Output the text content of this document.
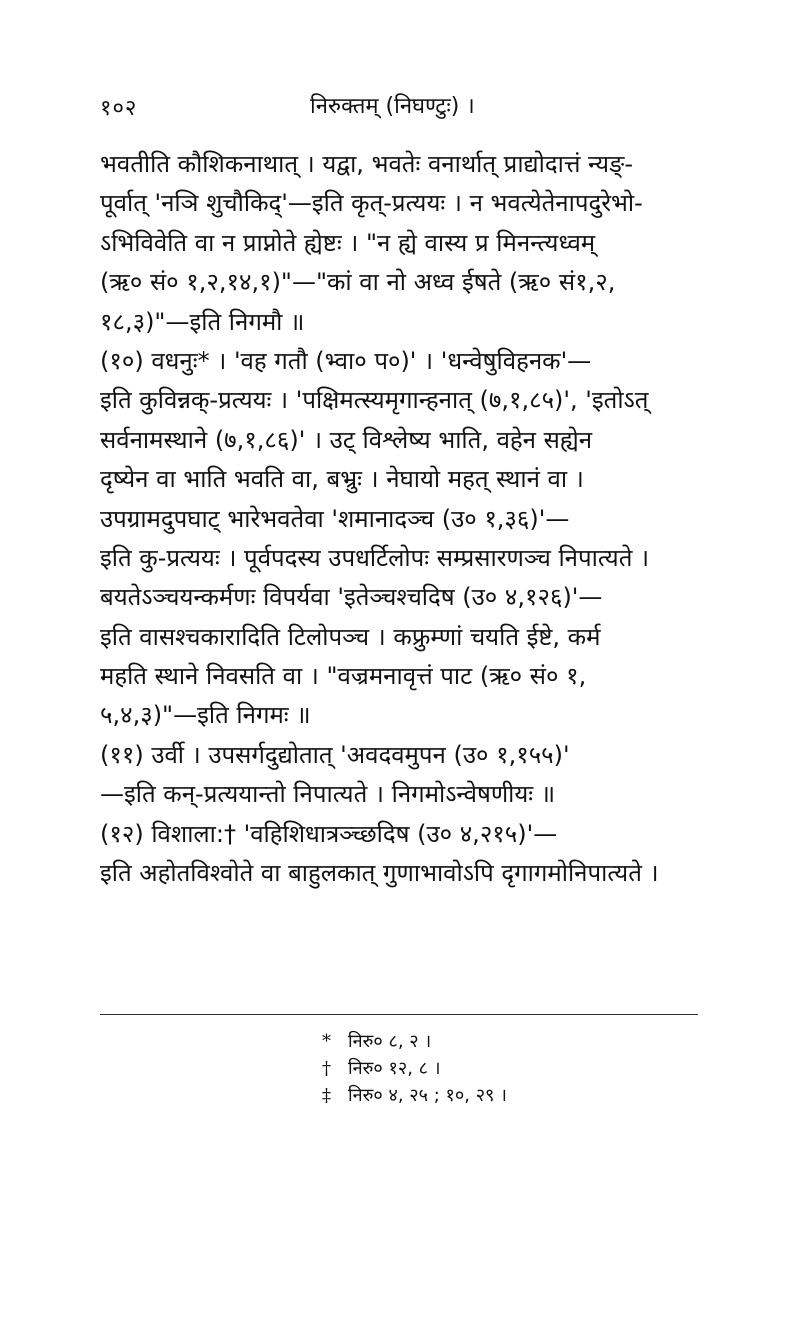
१०२	निरुक्तम् (निघण्टुः) ।
भवतीति कौशिकनाथात् । यद्वा, भवतेः वनार्थात् प्राद्योदात्तं न्यङ्-
पूर्वात् 'नञि शुचौकिद्'—इति कृत्-प्रत्ययः । न भवत्येतेनापदुरेभो-
ऽभिविवेति वा न प्राप्नोते ह्येष्टः । "न ह्ये वास्य प्र मिनन्त्यध्वम्
(ऋ० सं० १,२,१४,१)"—"कां वा नो अध्व ईषते (ऋ० सं१,२,
१८,३)"—इति निगमौ ॥
(१०) वधनुः* । 'वह गतौ (भ्वा० प०)' । 'धन्वेषुविहनक'—
इति कुविन्नक्-प्रत्ययः । 'पक्षिमत्स्यमृगान्हनात् (७,१,८५)', 'इतोऽत्
सर्वनामस्थाने (७,१,८६)' । उट् विश्लेष्य भाति, वहेन सह्येन
दृष्येन वा भाति भवति वा, बभ्रुः । नेघायो महत् स्थानं वा ।
उपग्रामदुपघाट् भारेभवतेवा 'शमानादञ्च (उ० १,३६)'—
इति कु-प्रत्ययः । पूर्वपदस्य उपधर्टिलोपः सम्प्रसारणञ्च निपात्यते ।
बयतेऽञ्चयन्कर्मणः विपर्यवा 'इतेञ्चश्चदिष (उ० ४,१२६)'—
इति वासश्चकारादिति टिलोपञ्च । कफ्रुम्णां चयति ईष्टे, कर्म
महति स्थाने निवसति वा । "वज्रमनावृत्तं पाट (ऋ० सं० १,
५,४,३)"—इति निगमः ॥
(११) उर्वी । उपसर्गदुद्योतात् 'अवदवमुपन (उ० १,१५५)'
—इति कन्-प्रत्ययान्तो निपात्यते । निगमोऽन्वेषणीयः ॥
(१२) विशाला:† 'वहिशिधात्रञ्च्छदिष (उ० ४,२१५)'—
इति अहोतविश्वोते वा बाहुलकात् गुणाभावोऽपि दृगागमोनिपात्यते ।
* निरु० ८, २ ।
† निरु० १२, ८ ।
‡ निरु० ४, २५ ; १०, २९ ।
